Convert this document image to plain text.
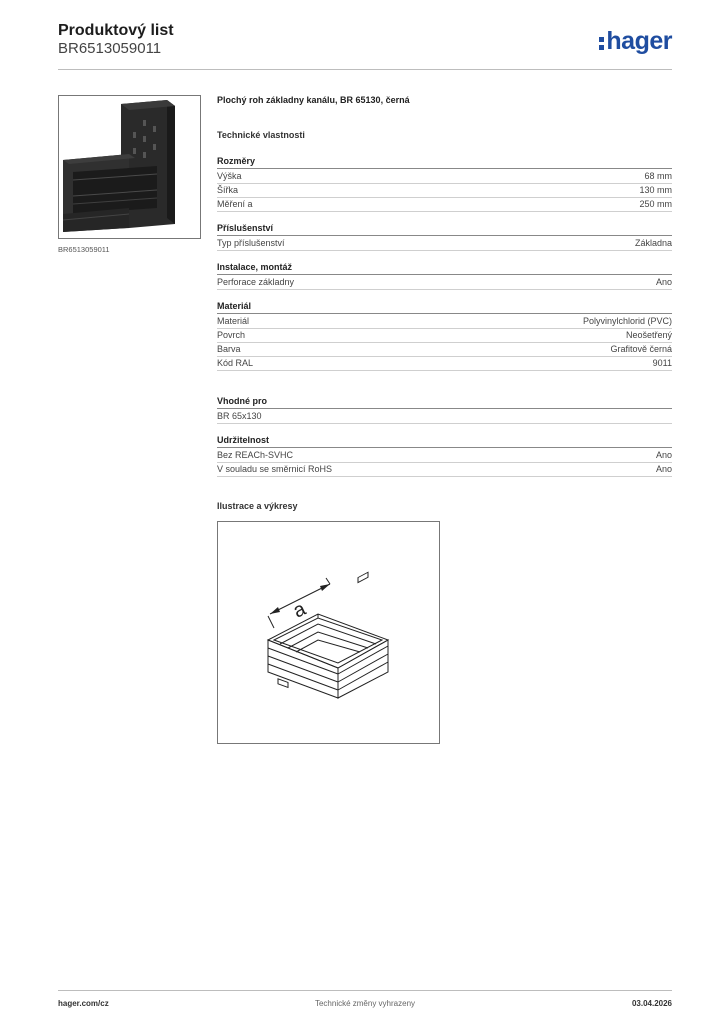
Produktový list
BR6513059011	hager
BR6513059011
Plochý roh základny kanálu, BR 65130, černá
Technické vlastnosti
Rozměry
Výška	68 mm
Šířka	130 mm
Měření a	250 mm
Příslušenství
Typ příslušenství	Základna
Instalace, montáž
Perforace základny	Ano
Materiál
Materiál	Polyvinylchlorid (PVC)
Povrch	Neošetřený
Barva	Grafitově černá
Kód RAL	9011
Vhodné pro
BR 65x130
Udržitelnost
Bez REACh-SVHC	Ano
V souladu se směrnicí RoHS	Ano
Ilustrace a výkresy
a
hager.com/cz	Technické změny vyhrazeny	03.04.2026
